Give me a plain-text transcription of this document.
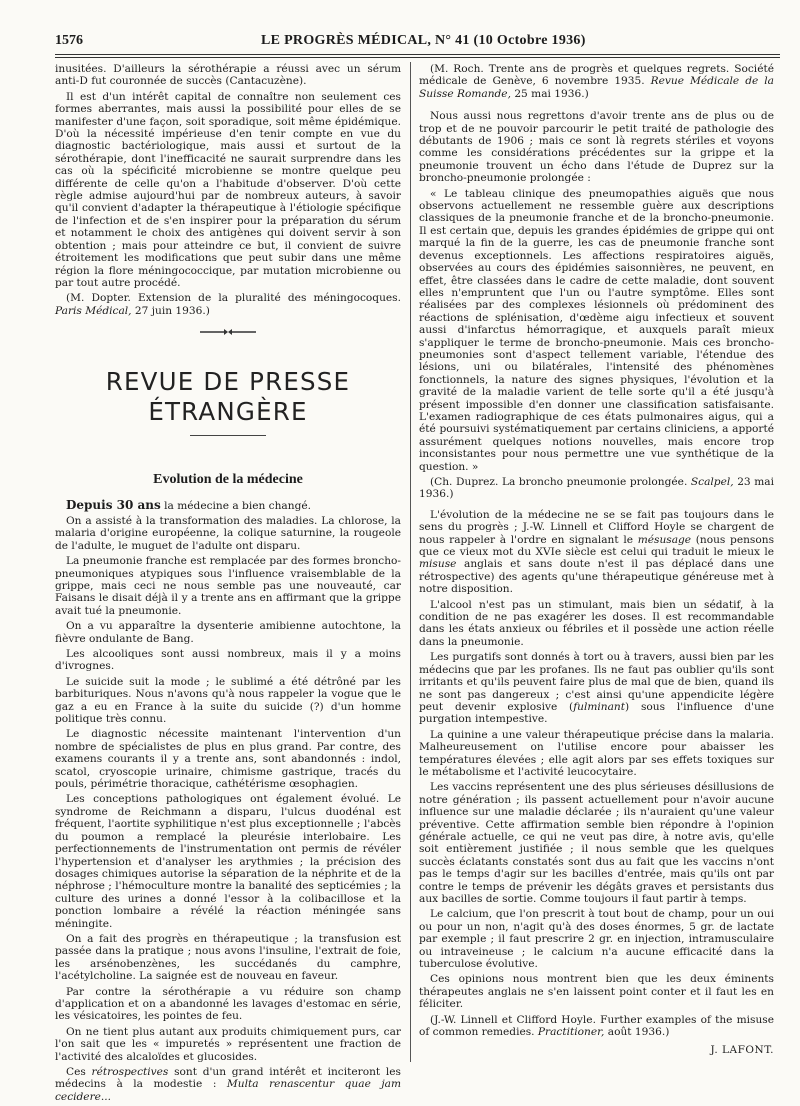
1576	LE PROGRÈS MÉDICAL, N° 41 (10 Octobre 1936)

inusitées. D'ailleurs la sérothérapie a réussi avec un sérum anti-D fut couronnée de succès (Cantacuzène).

Il est d'un intérêt capital de connaître non seulement ces formes aberrantes, mais aussi la possibilité pour elles de se manifester d'une façon, soit sporadique, soit même épidémique. D'où la nécessité impérieuse d'en tenir compte en vue du diagnostic bactériologique, mais aussi et surtout de la sérothérapie, dont l'inefficacité ne saurait surprendre dans les cas où la spécificité microbienne se montre quelque peu différente de celle qu'on a l'habitude d'observer. D'où cette règle admise aujourd'hui par de nombreux auteurs, à savoir qu'il convient d'adapter la thérapeutique à l'étiologie spécifique de l'infection et de s'en inspirer pour la préparation du sérum et notamment le choix des antigènes qui doivent servir à son obtention ; mais pour atteindre ce but, il convient de suivre étroitement les modifications que peut subir dans une même région la flore méningococcique, par mutation microbienne ou par tout autre procédé.

(M. Dopter. Extension de la pluralité des méningocoques. Paris Médical, 27 juin 1936.)

REVUE DE PRESSE ÉTRANGÈRE
Evolution de la médecine

Depuis 30 ans la médecine a bien changé.

On a assisté à la transformation des maladies. La chlorose, la malaria d'origine européenne, la colique saturnine, la rougeole de l'adulte, le muguet de l'adulte ont disparu.

La pneumonie franche est remplacée par des formes broncho-pneumoniques atypiques sous l'influence vraisemblable de la grippe, mais ceci ne nous semble pas une nouveauté, car Faisans le disait déjà il y a trente ans en affirmant que la grippe avait tué la pneumonie.

On a vu apparaître la dysenterie amibienne autochtone, la fièvre ondulante de Bang.

Les alcooliques sont aussi nombreux, mais il y a moins d'ivrognes.

Le suicide suit la mode ; le sublimé a été détrôné par les barbituriques. Nous n'avons qu'à nous rappeler la vogue que le gaz a eu en France à la suite du suicide (?) d'un homme politique très connu.

Le diagnostic nécessite maintenant l'intervention d'un nombre de spécialistes de plus en plus grand. Par contre, des examens courants il y a trente ans, sont abandonnés : indol, scatol, cryoscopie urinaire, chimisme gastrique, tracés du pouls, périmétrie thoracique, cathétérisme œsophagien.

Les conceptions pathologiques ont également évolué. Le syndrome de Reichmann a disparu, l'ulcus duodénal est fréquent, l'aortite syphilitique n'est plus exceptionnelle ; l'abcès du poumon a remplacé la pleurésie interlobaire. Les perfectionnements de l'instrumentation ont permis de révéler l'hypertension et d'analyser les arythmies ; la précision des dosages chimiques autorise la séparation de la néphrite et de la néphrose ; l'hémoculture montre la banalité des septicémies ; la culture des urines a donné l'essor à la colibacillose et la ponction lombaire a révélé la réaction méningée sans méningite.

On a fait des progrès en thérapeutique ; la transfusion est passée dans la pratique ; nous avons l'insuline, l'extrait de foie, les arsénobenzènes, les succédanés du camphre, l'acétylcholine. La saignée est de nouveau en faveur.

Par contre la sérothérapie a vu réduire son champ d'application et on a abandonné les lavages d'estomac en série, les vésicatoires, les pointes de feu.

On ne tient plus autant aux produits chimiquement purs, car l'on sait que les « impuretés » représentent une fraction de l'activité des alcaloïdes et glucosides.

Ces rétrospectives sont d'un grand intérêt et inciteront les médecins à la modestie : Multa renascentur quae jam cecidere...

(M. Roch. Trente ans de progrès et quelques regrets. Société médicale de Genève, 6 novembre 1935. Revue Médicale de la Suisse Romande, 25 mai 1936.)

Nous aussi nous regrettons d'avoir trente ans de plus ou de trop et de ne pouvoir parcourir le petit traité de pathologie des débutants de 1906 ; mais ce sont là regrets stériles et voyons comme les considérations précédentes sur la grippe et la pneumonie trouvent un écho dans l'étude de Duprez sur la broncho-pneumonie prolongée :

« Le tableau clinique des pneumopathies aiguës que nous observons actuellement ne ressemble guère aux descriptions classiques de la pneumonie franche et de la broncho-pneumonie. Il est certain que, depuis les grandes épidémies de grippe qui ont marqué la fin de la guerre, les cas de pneumonie franche sont devenus exceptionnels. Les affections respiratoires aiguës, observées au cours des épidémies saisonnières, ne peuvent, en effet, être classées dans le cadre de cette maladie, dont souvent elles n'empruntent que l'un ou l'autre symptôme. Elles sont réalisées par des complexes lésionnels où prédominent des réactions de splénisation, d'œdème aigu infectieux et souvent aussi d'infarctus hémorragique, et auxquels paraît mieux s'appliquer le terme de broncho-pneumonie. Mais ces broncho-pneumonies sont d'aspect tellement variable, l'étendue des lésions, uni ou bilatérales, l'intensité des phénomènes fonctionnels, la nature des signes physiques, l'évolution et la gravité de la maladie varient de telle sorte qu'il a été jusqu'à présent impossible d'en donner une classification satisfaisante. L'examen radiographique de ces états pulmonaires aigus, qui a été poursuivi systématiquement par certains cliniciens, a apporté assurément quelques notions nouvelles, mais encore trop inconsistantes pour nous permettre une vue synthétique de la question. »

(Ch. Duprez. La broncho pneumonie prolongée. Scalpel, 23 mai 1936.)

L'évolution de la médecine ne se se fait pas toujours dans le sens du progrès ; J.-W. Linnell et Clifford Hoyle se chargent de nous rappeler à l'ordre en signalant le mésusage (nous pensons que ce vieux mot du XVIe siècle est celui qui traduit le mieux le misuse anglais et sans doute n'est il pas déplacé dans une rétrospective) des agents qu'une thérapeutique généreuse met à notre disposition.

L'alcool n'est pas un stimulant, mais bien un sédatif, à la condition de ne pas exagérer les doses. Il est recommandable dans les états anxieux ou fébriles et il possède une action réelle dans la pneumonie.

Les purgatifs sont donnés à tort ou à travers, aussi bien par les médecins que par les profanes. Ils ne faut pas oublier qu'ils sont irritants et qu'ils peuvent faire plus de mal que de bien, quand ils ne sont pas dangereux ; c'est ainsi qu'une appendicite légère peut devenir explosive (fulminant) sous l'influence d'une purgation intempestive.

La quinine a une valeur thérapeutique précise dans la malaria. Malheureusement on l'utilise encore pour abaisser les températures élevées ; elle agit alors par ses effets toxiques sur le métabolisme et l'activité leucocytaire.

Les vaccins représentent une des plus sérieuses désillusions de notre génération ; ils passent actuellement pour n'avoir aucune influence sur une maladie déclarée ; ils n'auraient qu'une valeur préventive. Cette affirmation semble bien répondre à l'opinion générale actuelle, ce qui ne veut pas dire, à notre avis, qu'elle soit entièrement justifiée ; il nous semble que les quelques succès éclatants constatés sont dus au fait que les vaccins n'ont pas le temps d'agir sur les bacilles d'entrée, mais qu'ils ont par contre le temps de prévenir les dégâts graves et persistants dus aux bacilles de sortie. Comme toujours il faut partir à temps.

Le calcium, que l'on prescrit à tout bout de champ, pour un oui ou pour un non, n'agit qu'à des doses énormes, 5 gr. de lactate par exemple ; il faut prescrire 2 gr. en injection, intramusculaire ou intraveineuse ; le calcium n'a aucune efficacité dans la tuberculose évolutive.

Ces opinions nous montrent bien que les deux éminents thérapeutes anglais ne s'en laissent point conter et il faut les en féliciter.

(J.-W. Linnell et Clifford Hoyle. Further examples of the misuse of common remedies. Practitioner, août 1936.)

J. LAFONT.
